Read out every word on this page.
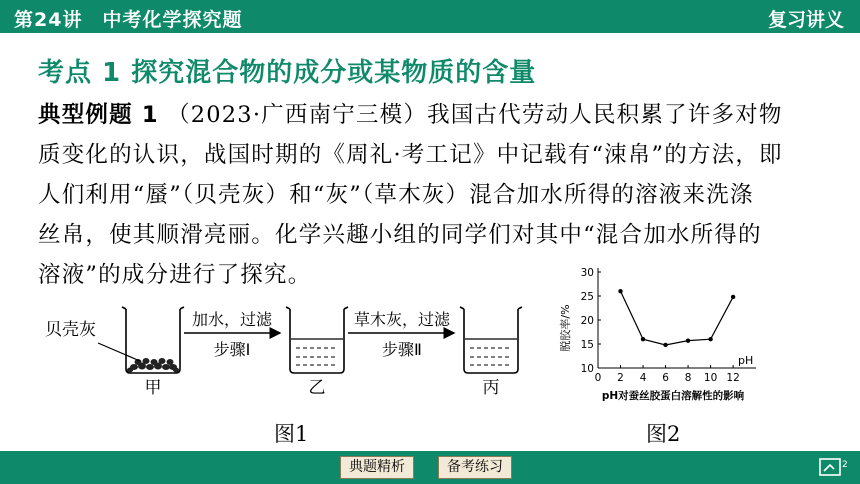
第24讲　中考化学探究题	复习讲义
考点 1 探究混合物的成分或某物质的含量
典型例题 1 （2023·广西南宁三模）我国古代劳动人民积累了许多对物
质变化的认识，战国时期的《周礼·考工记》中记载有“涑帛”的方法，即
人们利用“蜃”（贝壳灰）和“灰”（草木灰）混合加水所得的溶液来洗涤
丝帛，使其顺滑亮丽。化学兴趣小组的同学们对其中“混合加水所得的
溶液”的成分进行了探究。
贝壳灰
甲
加水，过滤
步骤Ⅰ
乙
草木灰，过滤
步骤Ⅱ
丙
图1
0 2 4 6 8 10 12
10
15
20
25
30
脱胶率/%
pH
pH对蚕丝胶蛋白溶解性的影响
图2
典题精析	备考练习	2
